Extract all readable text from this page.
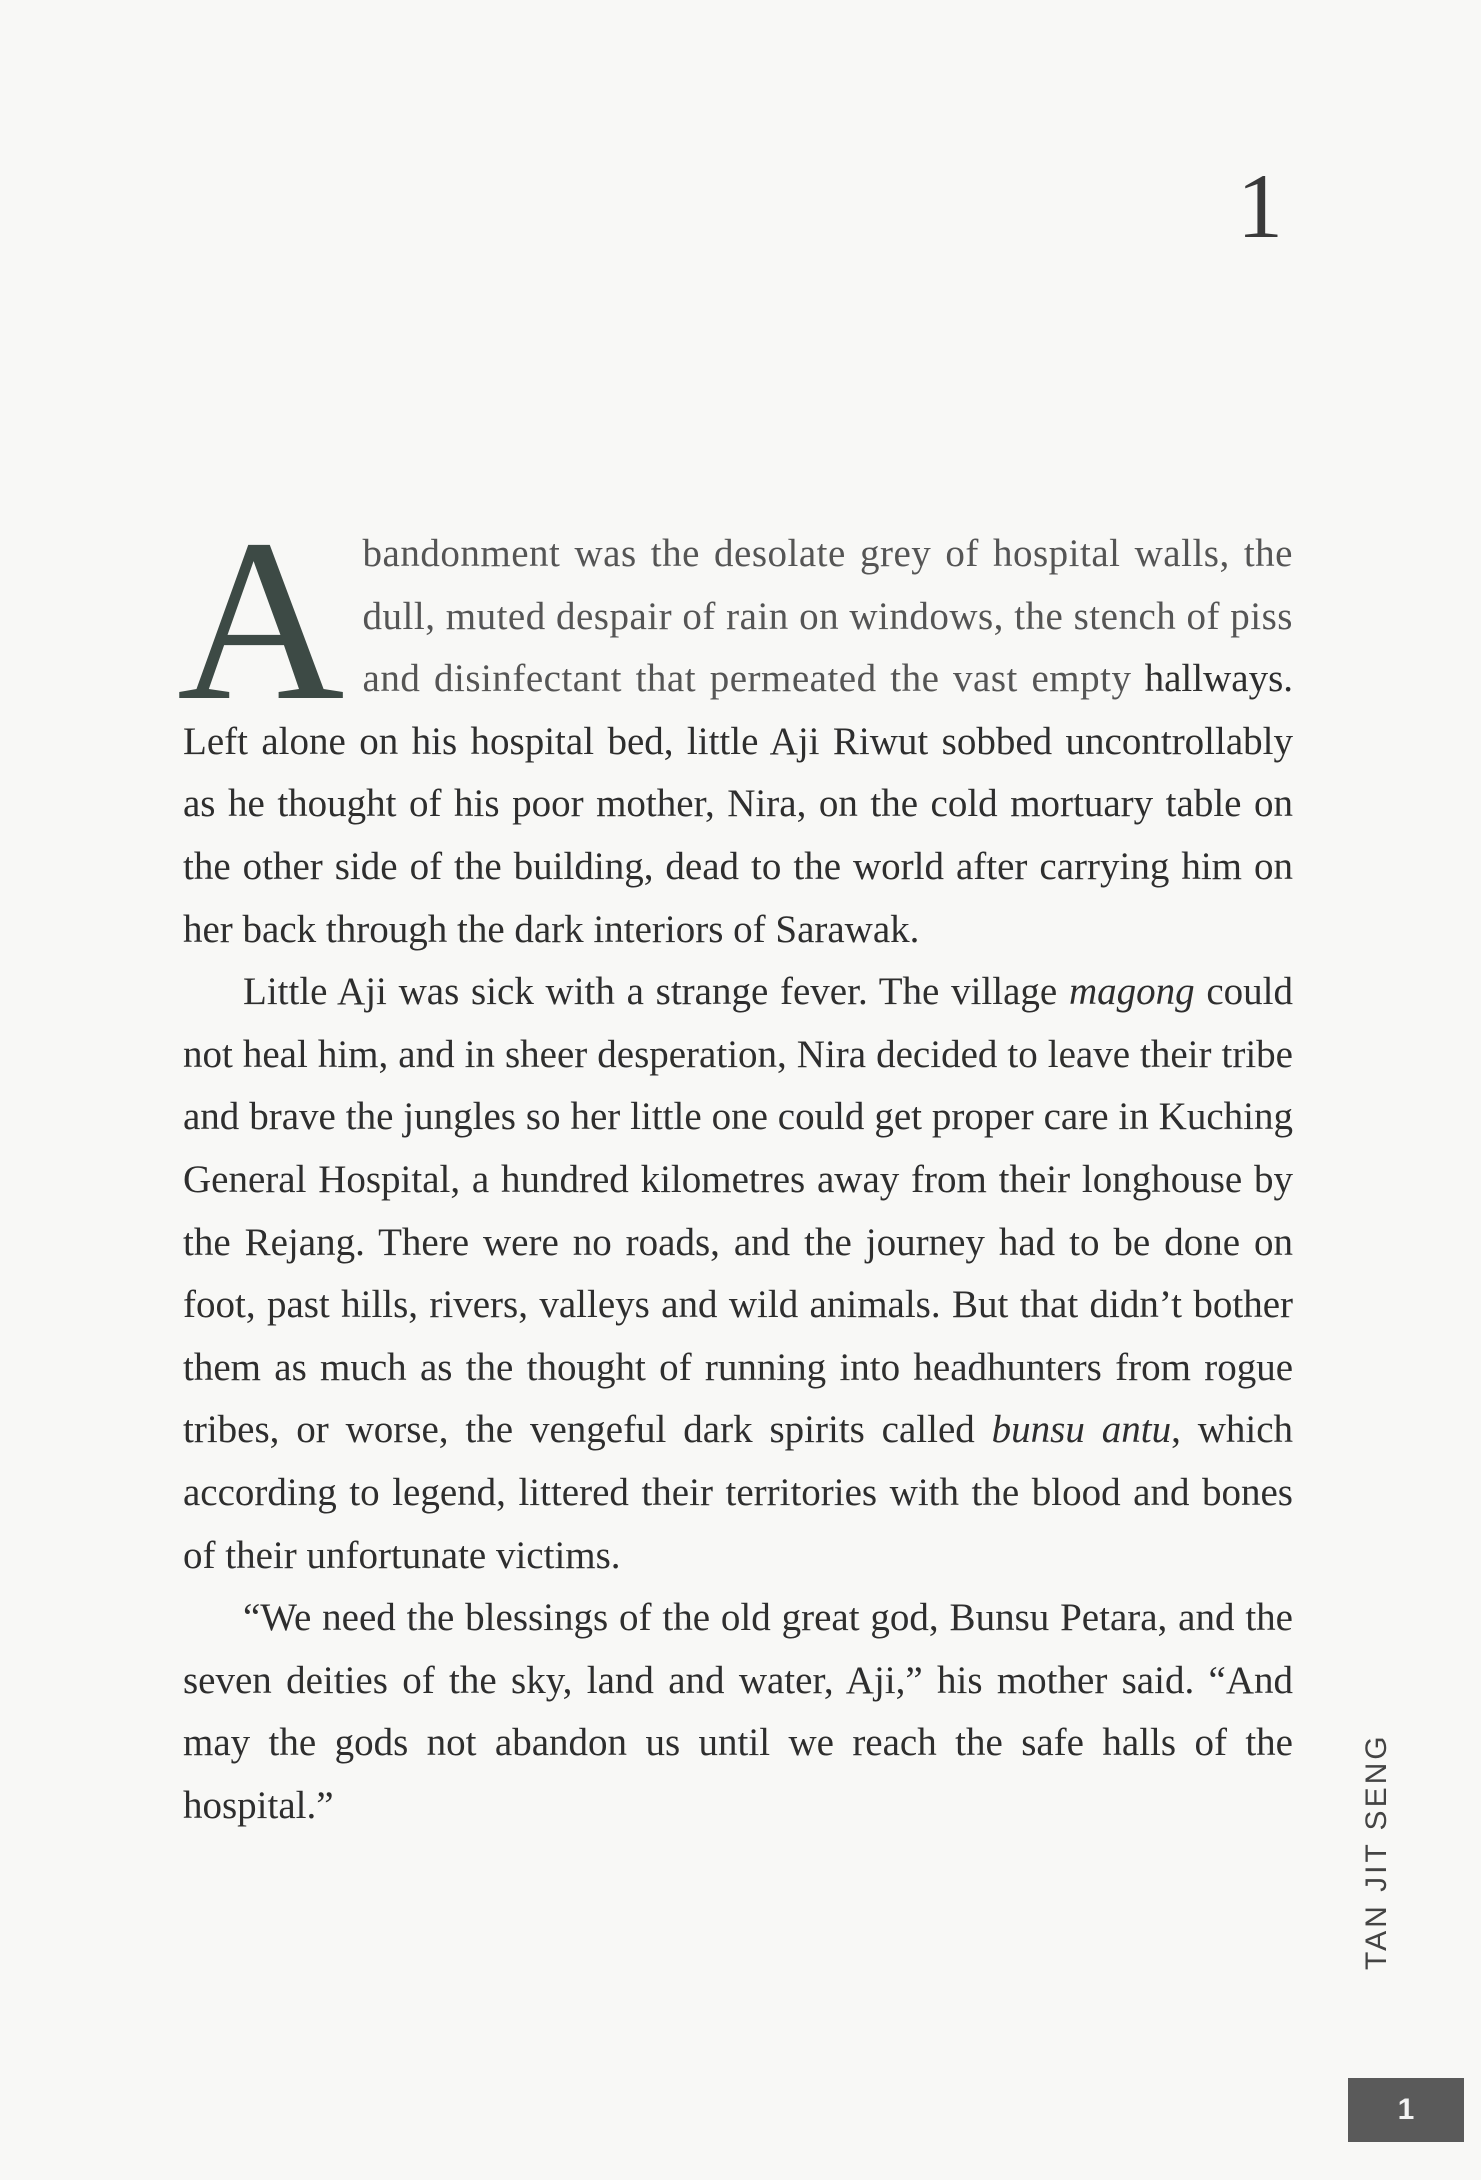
1

Abandonment was the desolate grey of hospital walls, the dull, muted despair of rain on windows, the stench of piss and disinfectant that permeated the vast empty hallways. Left alone on his hospital bed, little Aji Riwut sobbed uncontrollably as he thought of his poor mother, Nira, on the cold mortuary table on the other side of the building, dead to the world after carrying him on her back through the dark interiors of Sarawak.

Little Aji was sick with a strange fever. The village magong could not heal him, and in sheer desperation, Nira decided to leave their tribe and brave the jungles so her little one could get proper care in Kuching General Hospital, a hundred kilometres away from their longhouse by the Rejang. There were no roads, and the journey had to be done on foot, past hills, rivers, valleys and wild animals. But that didn’t bother them as much as the thought of running into headhunters from rogue tribes, or worse, the vengeful dark spirits called bunsu antu, which according to legend, littered their territories with the blood and bones of their unfortunate victims.

“We need the blessings of the old great god, Bunsu Petara, and the seven deities of the sky, land and water, Aji,” his mother said. “And may the gods not abandon us until we reach the safe halls of the hospital.”	TAN JIT SENG
1
